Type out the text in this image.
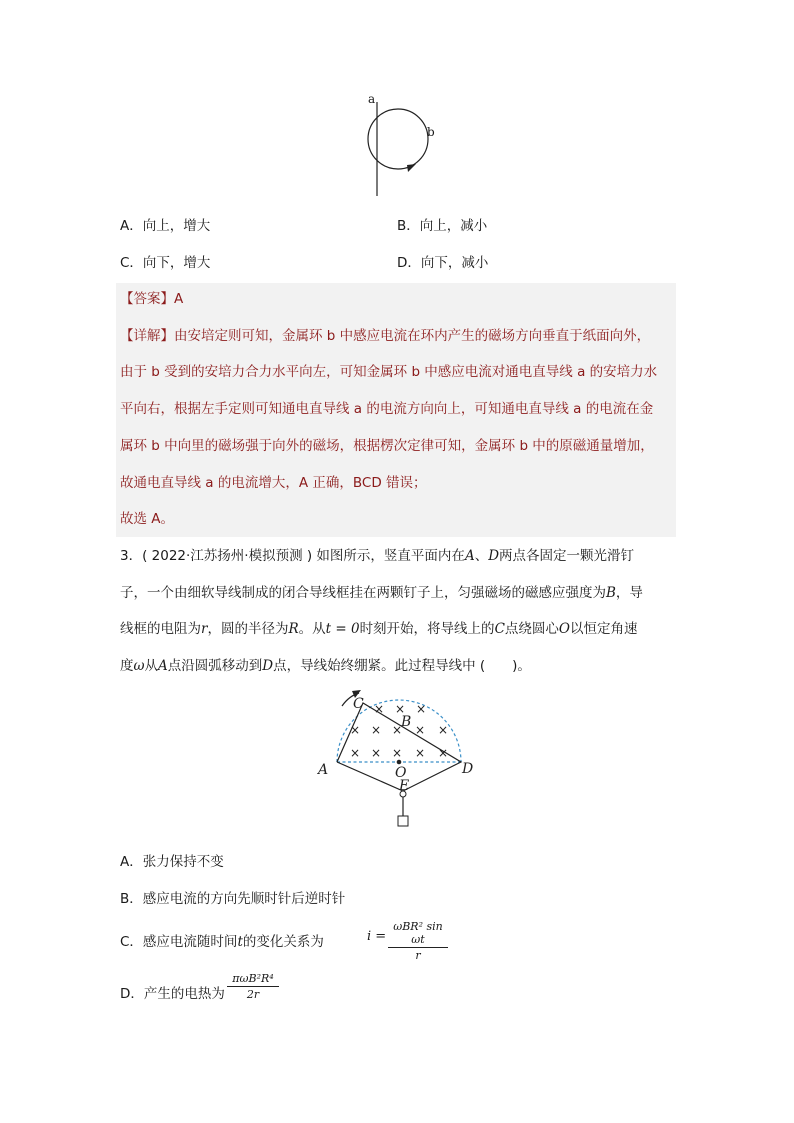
a
b
A．向上，增大	B．向上，减小
C．向下，增大	D．向下，减小
【答案】A
【详解】由安培定则可知，金属环 b 中感应电流在环内产生的磁场方向垂直于纸面向外，
由于 b 受到的安培力合力水平向左，可知金属环 b 中感应电流对通电直导线 a 的安培力水
平向右，根据左手定则可知通电直导线 a 的电流方向向上，可知通电直导线 a 的电流在金
属环 b 中向里的磁场强于向外的磁场，根据楞次定律可知，金属环 b 中的原磁通量增加，
故通电直导线 a 的电流增大，A 正确，BCD 错误；
故选 A。
3．( 2022·江苏扬州·模拟预测 ) 如图所示，竖直平面内在A、D两点各固定一颗光滑钉
子，一个由细软导线制成的闭合导线框挂在两颗钉子上，匀强磁场的磁感应强度为B，导
线框的电阻为r，圆的半径为R。从t = 0时刻开始，将导线上的C点绕圆心O以恒定角速
度ω从A点沿圆弧移动到D点，导线始终绷紧。此过程导线中 (　　)。
× × ×
× × × × ×
× × × × ×
A
C
B
D
O
E
A．张力保持不变
B．感应电流的方向先顺时针后逆时针
C．感应电流随时间t的变化关系为	i =
ωBR² sin ωt
r
D．产生的电热为
πωB²R⁴
2r
